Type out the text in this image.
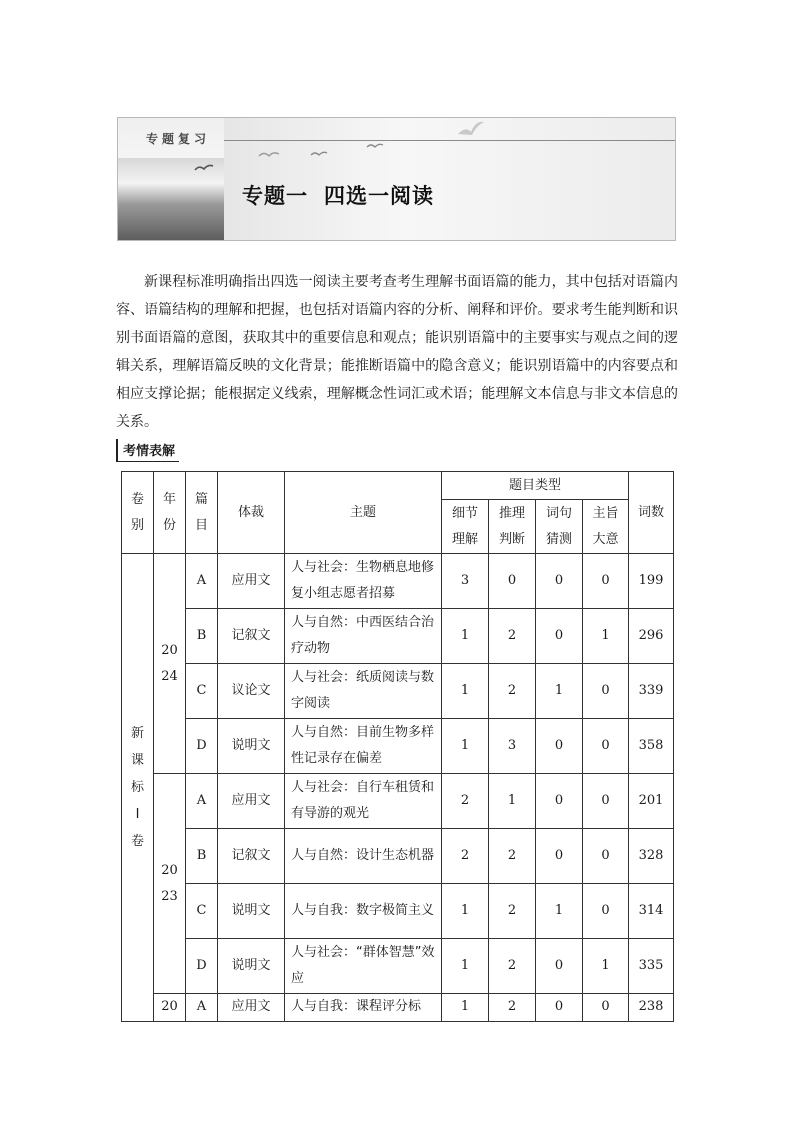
专题复习
专题一 四选一阅读

新课程标准明确指出四选一阅读主要考查考生理解书面语篇的能力，其中包括对语篇内容、语篇结构的理解和把握，也包括对语篇内容的分析、阐释和评价。要求考生能判断和识别书面语篇的意图，获取其中的重要信息和观点；能识别语篇中的主要事实与观点之间的逻辑关系，理解语篇反映的文化背景；能推断语篇中的隐含意义；能识别语篇中的内容要点和相应支撑论据；能根据定义线索，理解概念性词汇或术语；能理解文本信息与非文本信息的关系。

考情表解
卷别	年份	篇目	体裁	主题	题目类型				词数

					细节理解	推理判断	词句猜测	主旨大意	

新课标Ⅰ卷	2024	A	应用文	人与社会：生物栖息地修复小组志愿者招募	3	0	0	0	199
		B	记叙文	人与自然：中西医结合治疗动物	1	2	0	1	296
		C	议论文	人与社会：纸质阅读与数字阅读	1	2	1	0	339
		D	说明文	人与自然：目前生物多样性记录存在偏差	1	3	0	0	358

	2023	A	应用文	人与社会：自行车租赁和有导游的观光	2	1	0	0	201
		B	记叙文	人与自然：设计生态机器	2	2	0	0	328
		C	说明文	人与自我：数字极简主义	1	2	1	0	314
		D	说明文	人与社会：“群体智慧”效应	1	2	0	1	335

	20	A	应用文	人与自我：课程评分标	1	2	0	0	238
